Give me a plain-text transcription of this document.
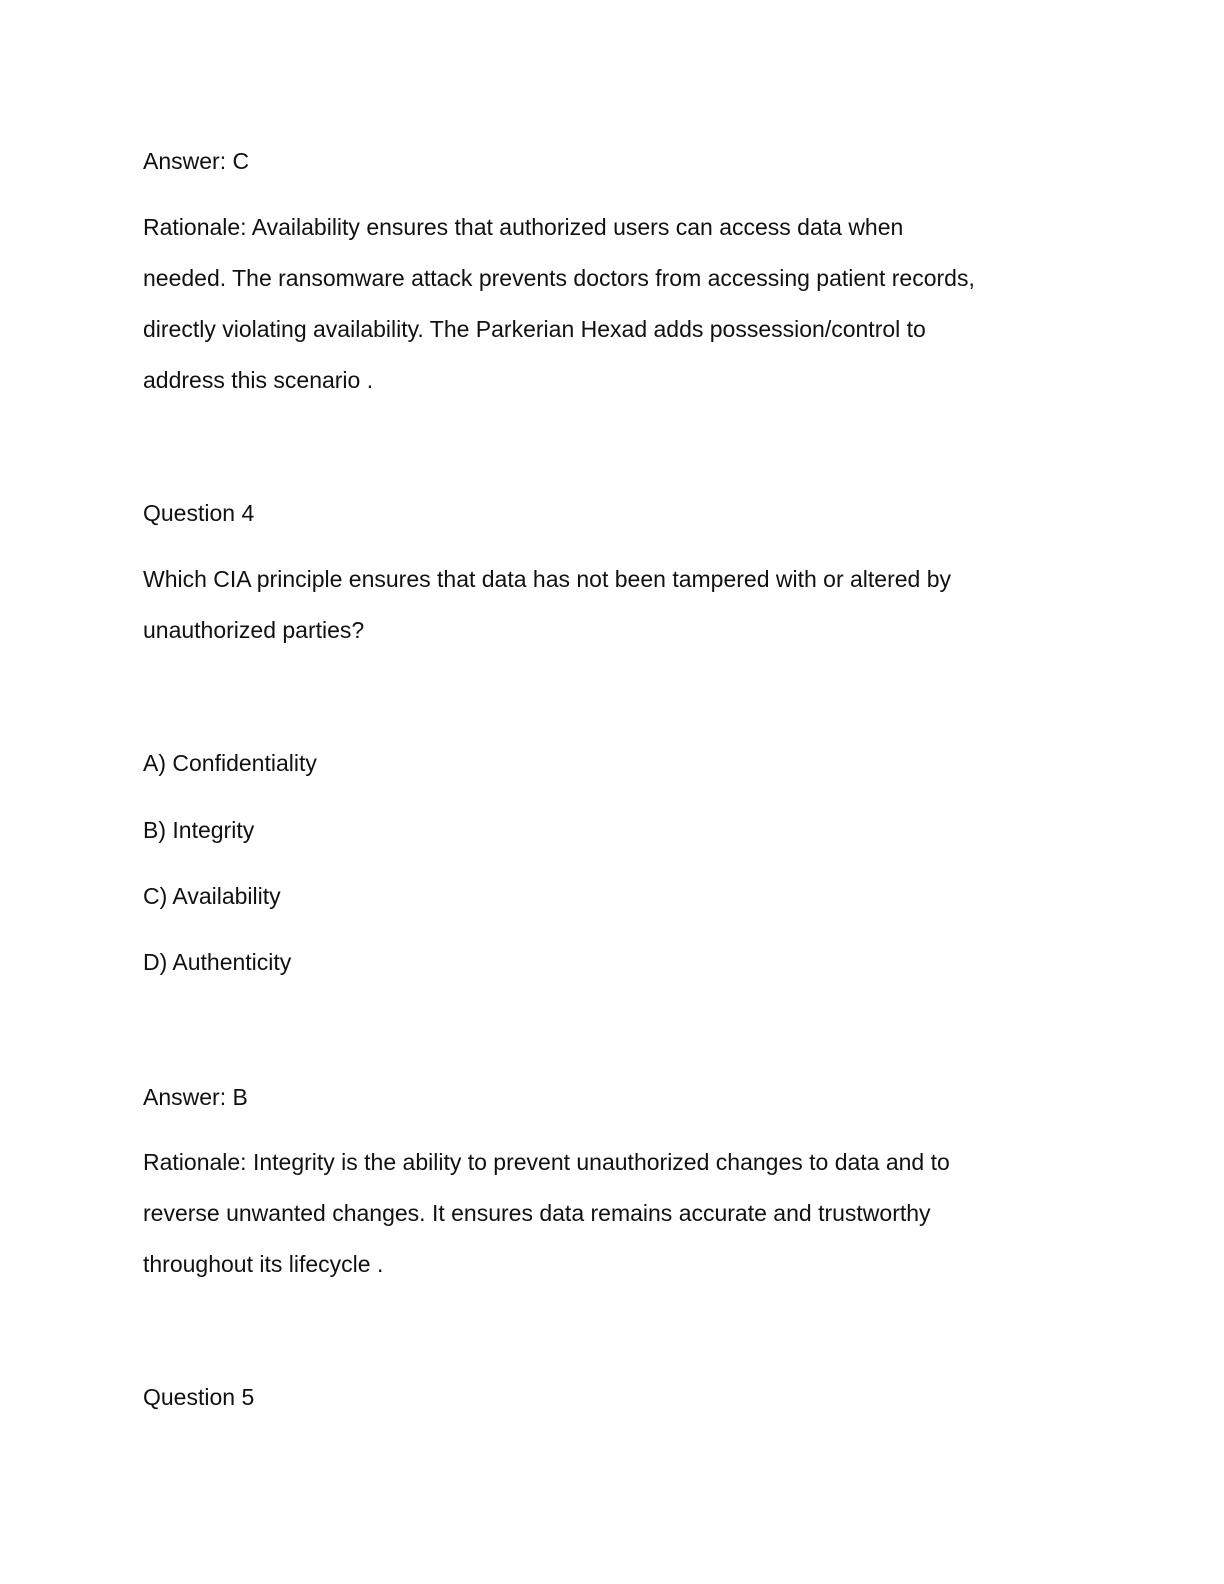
Answer: C

Rationale: Availability ensures that authorized users can access data when
needed. The ransomware attack prevents doctors from accessing patient records,
directly violating availability. The Parkerian Hexad adds possession/control to
address this scenario .

Question 4

Which CIA principle ensures that data has not been tampered with or altered by
unauthorized parties?

A) Confidentiality

B) Integrity

C) Availability

D) Authenticity

Answer: B

Rationale: Integrity is the ability to prevent unauthorized changes to data and to
reverse unwanted changes. It ensures data remains accurate and trustworthy
throughout its lifecycle .

Question 5
